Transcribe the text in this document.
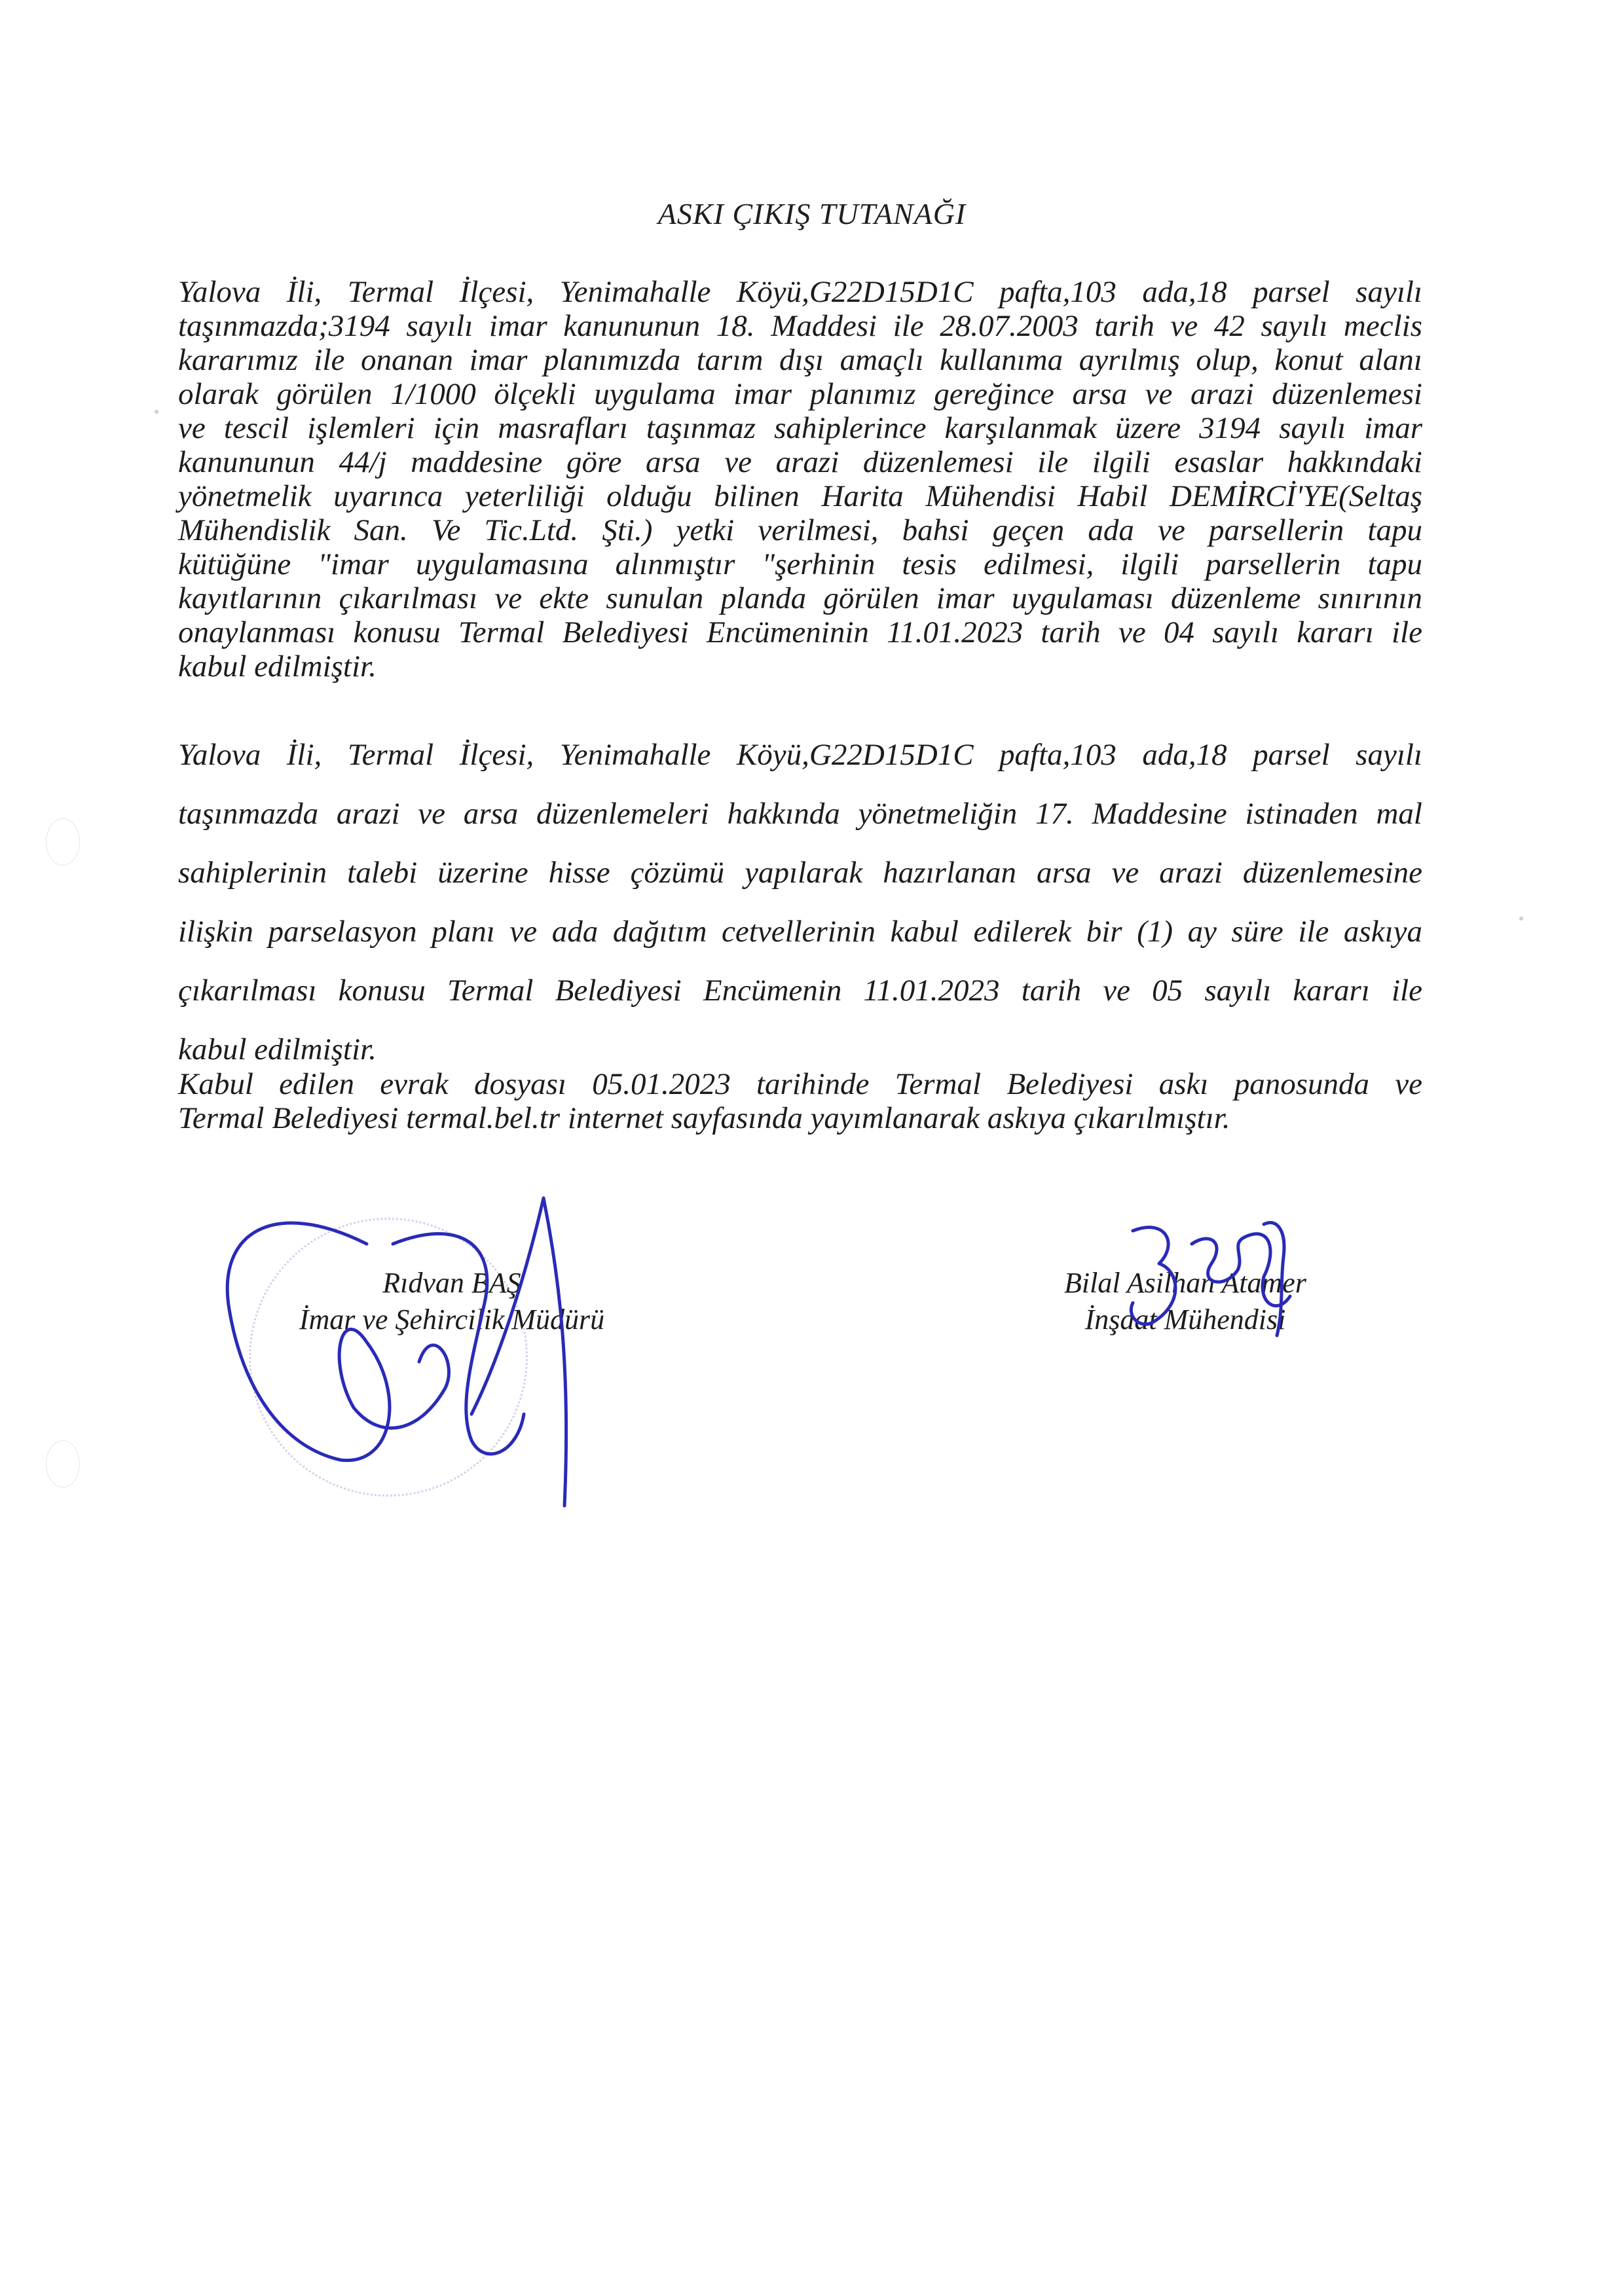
ASKI ÇIKIŞ TUTANAĞI
Yalova İli, Termal İlçesi, Yenimahalle Köyü,G22D15D1C pafta,103 ada,18 parsel sayılı
taşınmazda;3194 sayılı imar kanununun 18. Maddesi ile 28.07.2003 tarih ve 42 sayılı meclis
kararımız ile onanan imar planımızda tarım dışı amaçlı kullanıma ayrılmış olup, konut alanı
olarak görülen 1/1000 ölçekli uygulama imar planımız gereğince arsa ve arazi düzenlemesi
ve tescil işlemleri için masrafları taşınmaz sahiplerince karşılanmak üzere 3194 sayılı imar
kanununun 44/j maddesine göre arsa ve arazi düzenlemesi ile ilgili esaslar hakkındaki
yönetmelik uyarınca yeterliliği olduğu bilinen Harita Mühendisi Habil DEMİRCİ'YE(Seltaş
Mühendislik San. Ve Tic.Ltd. Şti.) yetki verilmesi, bahsi geçen ada ve parsellerin tapu
kütüğüne "imar uygulamasına alınmıştır "şerhinin tesis edilmesi, ilgili parsellerin tapu
kayıtlarının çıkarılması ve ekte sunulan planda görülen imar uygulaması düzenleme sınırının
onaylanması konusu Termal Belediyesi Encümeninin 11.01.2023 tarih ve 04 sayılı kararı ile
kabul edilmiştir.
Yalova İli, Termal İlçesi, Yenimahalle Köyü,G22D15D1C pafta,103 ada,18 parsel sayılı
taşınmazda arazi ve arsa düzenlemeleri hakkında yönetmeliğin 17. Maddesine istinaden mal
sahiplerinin talebi üzerine hisse çözümü yapılarak hazırlanan arsa ve arazi düzenlemesine
ilişkin parselasyon planı ve ada dağıtım cetvellerinin kabul edilerek bir (1) ay süre ile askıya
çıkarılması konusu Termal Belediyesi Encümenin 11.01.2023 tarih ve 05 sayılı kararı ile
kabul edilmiştir.
Kabul edilen evrak dosyası 05.01.2023 tarihinde Termal Belediyesi askı panosunda ve
Termal Belediyesi termal.bel.tr internet sayfasında yayımlanarak askıya çıkarılmıştır.
Rıdvan BAŞ
İmar ve Şehircilik Müdürü
Bilal Asilhan Atamer
İnşaat Mühendisi
